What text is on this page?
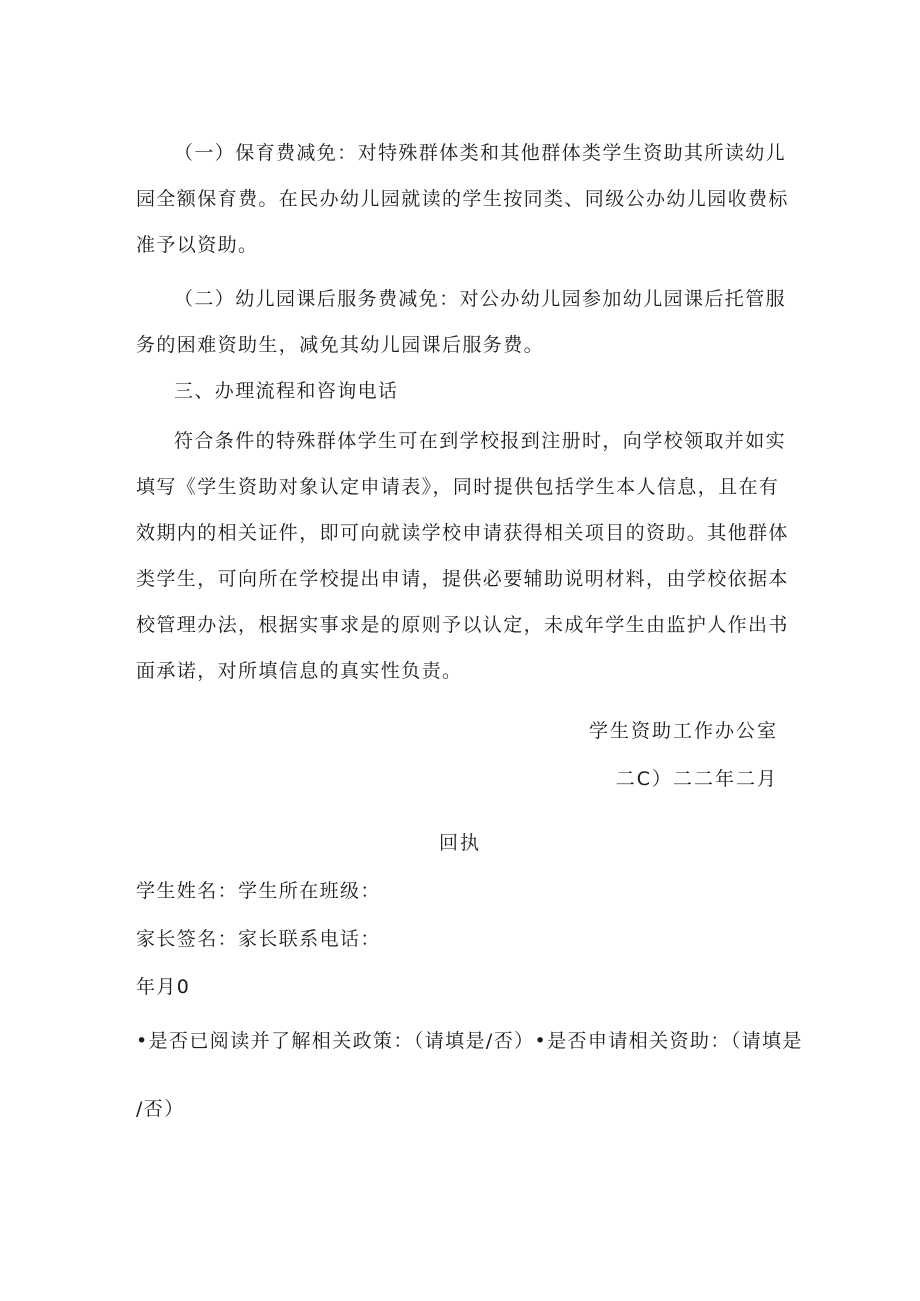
（一）保育费减免：对特殊群体类和其他群体类学生资助其所读幼儿园全额保育费。在民办幼儿园就读的学生按同类、同级公办幼儿园收费标准予以资助。

（二）幼儿园课后服务费减免：对公办幼儿园参加幼儿园课后托管服务的困难资助生，减免其幼儿园课后服务费。

三、办理流程和咨询电话

符合条件的特殊群体学生可在到学校报到注册时，向学校领取并如实填写《学生资助对象认定申请表》，同时提供包括学生本人信息，且在有效期内的相关证件，即可向就读学校申请获得相关项目的资助。其他群体类学生，可向所在学校提出申请，提供必要辅助说明材料，由学校依据本校管理办法，根据实事求是的原则予以认定，未成年学生由监护人作出书面承诺，对所填信息的真实性负责。

学生资助工作办公室
二C）二二年二月
回执
学生姓名：学生所在班级：
家长签名：家长联系电话：
年月0
•是否已阅读并了解相关政策：（请填是/否）•是否申请相关资助：（请填是
/否）
